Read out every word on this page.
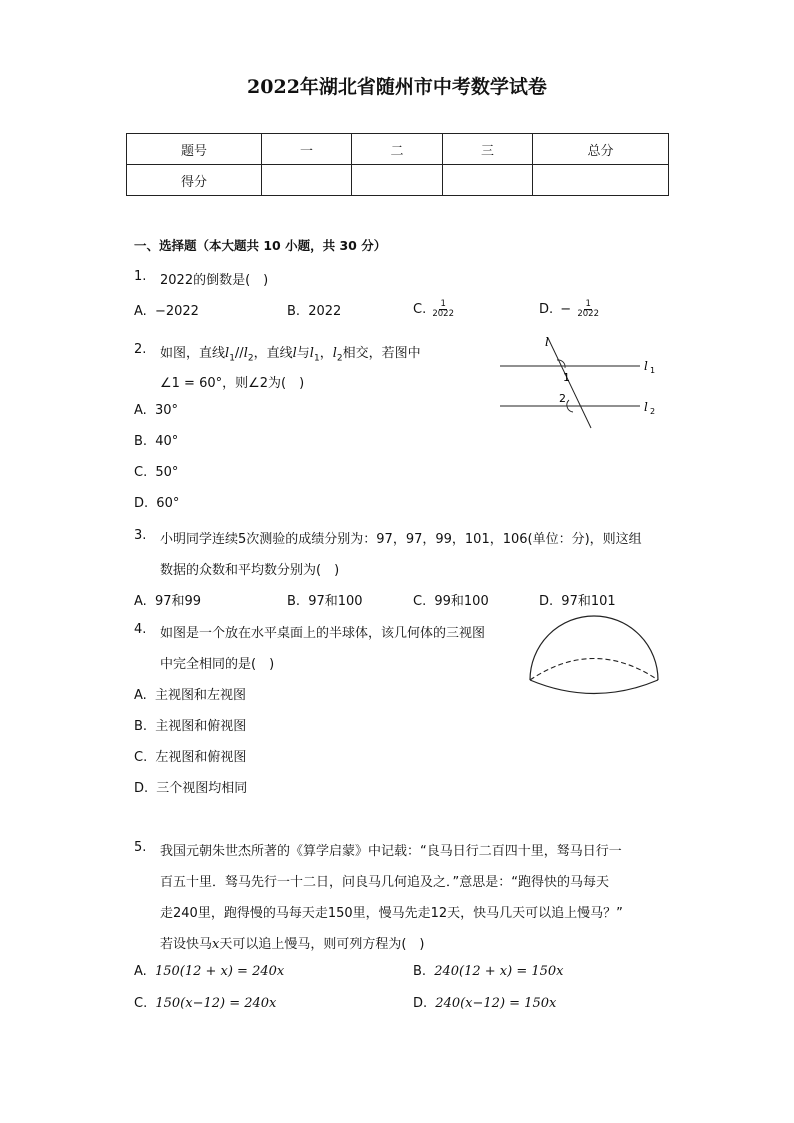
2022年湖北省随州市中考数学试卷
题号	一	二	三	总分
得分				
一、选择题（本大题共 10 小题，共 30 分）
1. 2022的倒数是(　)
A. −2022	B. 2022	C. $\frac{1}{2022}$	D. − $\frac{1}{2022}$
2. 如图，直线$l_1//l_2$，直线l与$l_1$，$l_2$相交，若图中
∠1 = 60°，则∠2为(　)
A. 30°
B. 40°
C. 50°
D. 60°
l
l 1
l 2
1
2
3. 小明同学连续5次测验的成绩分别为：97，97，99，101，106(单位：分)，则这组
数据的众数和平均数分别为(　)
A. 97和99	B. 97和100	C. 99和100	D. 97和101
4. 如图是一个放在水平桌面上的半球体，该几何体的三视图
中完全相同的是(　)
A. 主视图和左视图
B. 主视图和俯视图
C. 左视图和俯视图
D. 三个视图均相同
5. 我国元朝朱世杰所著的《算学启蒙》中记载：“良马日行二百四十里，驽马日行一
百五十里．驽马先行一十二日，问良马几何追及之．”意思是：“跑得快的马每天
走240里，跑得慢的马每天走150里，慢马先走12天，快马几天可以追上慢马？”
若设快马x天可以追上慢马，则可列方程为(　)
A. 150(12 + x) = 240x	B. 240(12 + x) = 150x
C. 150(x−12) = 240x	D. 240(x−12) = 150x
